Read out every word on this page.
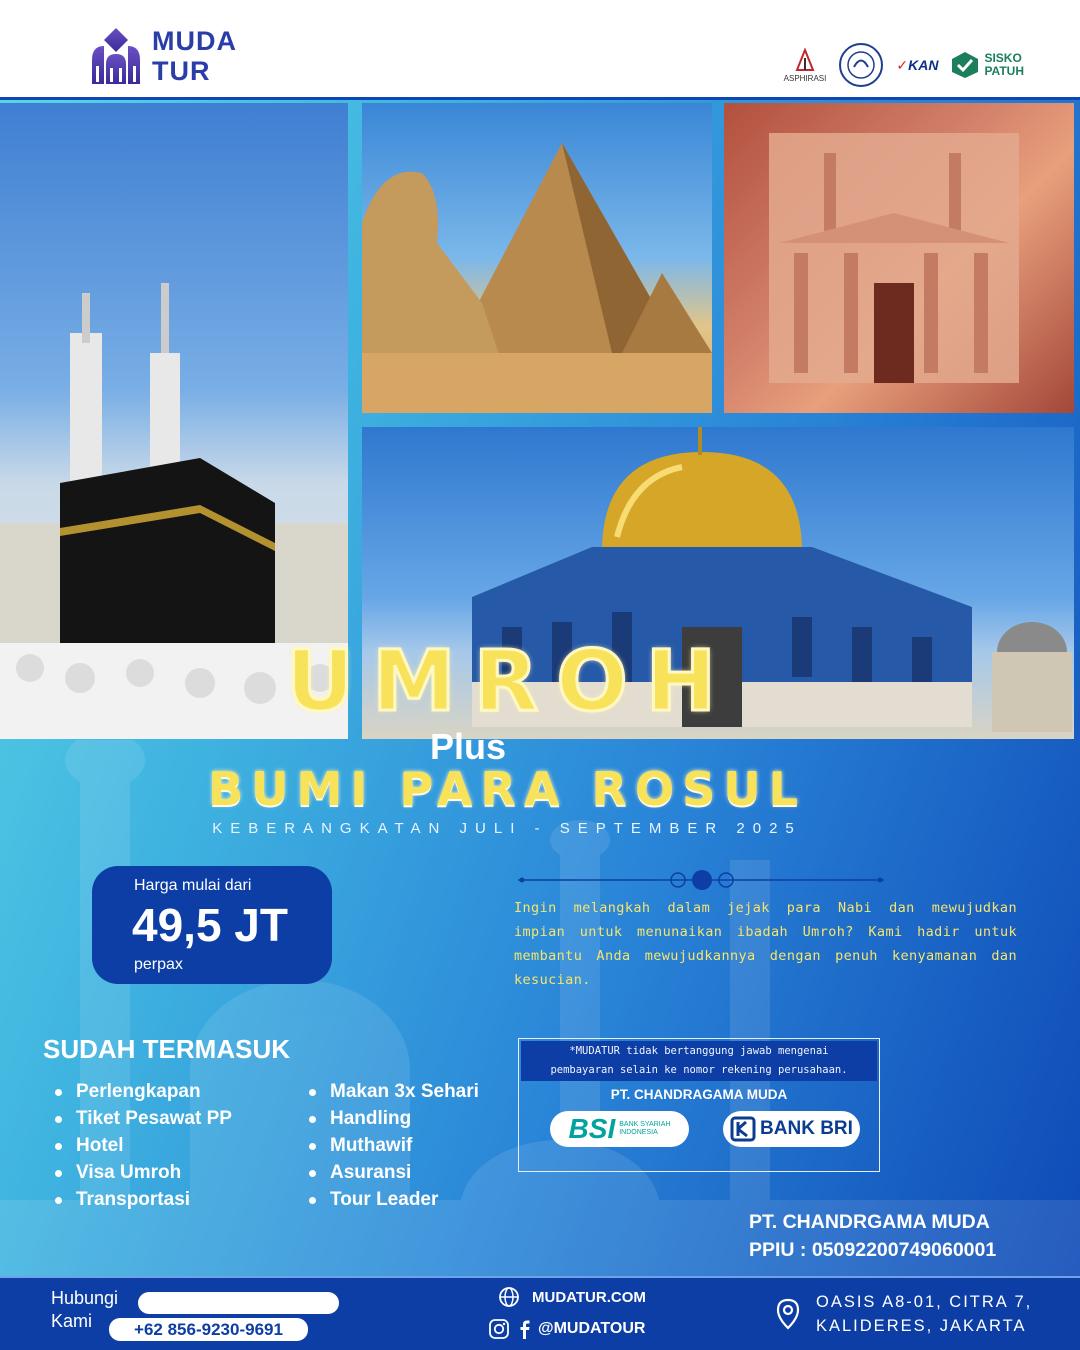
MUDA
TUR	ASPHIRASI
✓KAN	SISKO
PATUH
UMROH
Plus
BUMI PARA ROSUL
KEBERANGKATAN JULI - SEPTEMBER 2025
Harga mulai dari
49,5 JT
perpax
Ingin melangkah dalam jejak para Nabi dan mewujudkan impian untuk menunaikan ibadah Umroh? Kami hadir untuk membantu Anda mewujudkannya dengan penuh kenyamanan dan kesucian.
SUDAH TERMASUK
Perlengkapan
Tiket Pesawat PP
Hotel
Visa Umroh
Transportasi
Makan 3x Sehari
Handling
Muthawif
Asuransi
Tour Leader
*MUDATUR tidak bertanggung jawab mengenai
pembayaran selain ke nomor rekening perusahaan.
PT. CHANDRAGAMA MUDA
BSI BANK SYARIAH
INDONESIA	BANK BRI
PT. CHANDRGAMA MUDA
PPIU : 05092200749060001
Hubungi
Kami	+62 856-9230-9691
MUDATUR.COM
@MUDATOUR
OASIS A8-01, CITRA 7,
KALIDERES, JAKARTA
